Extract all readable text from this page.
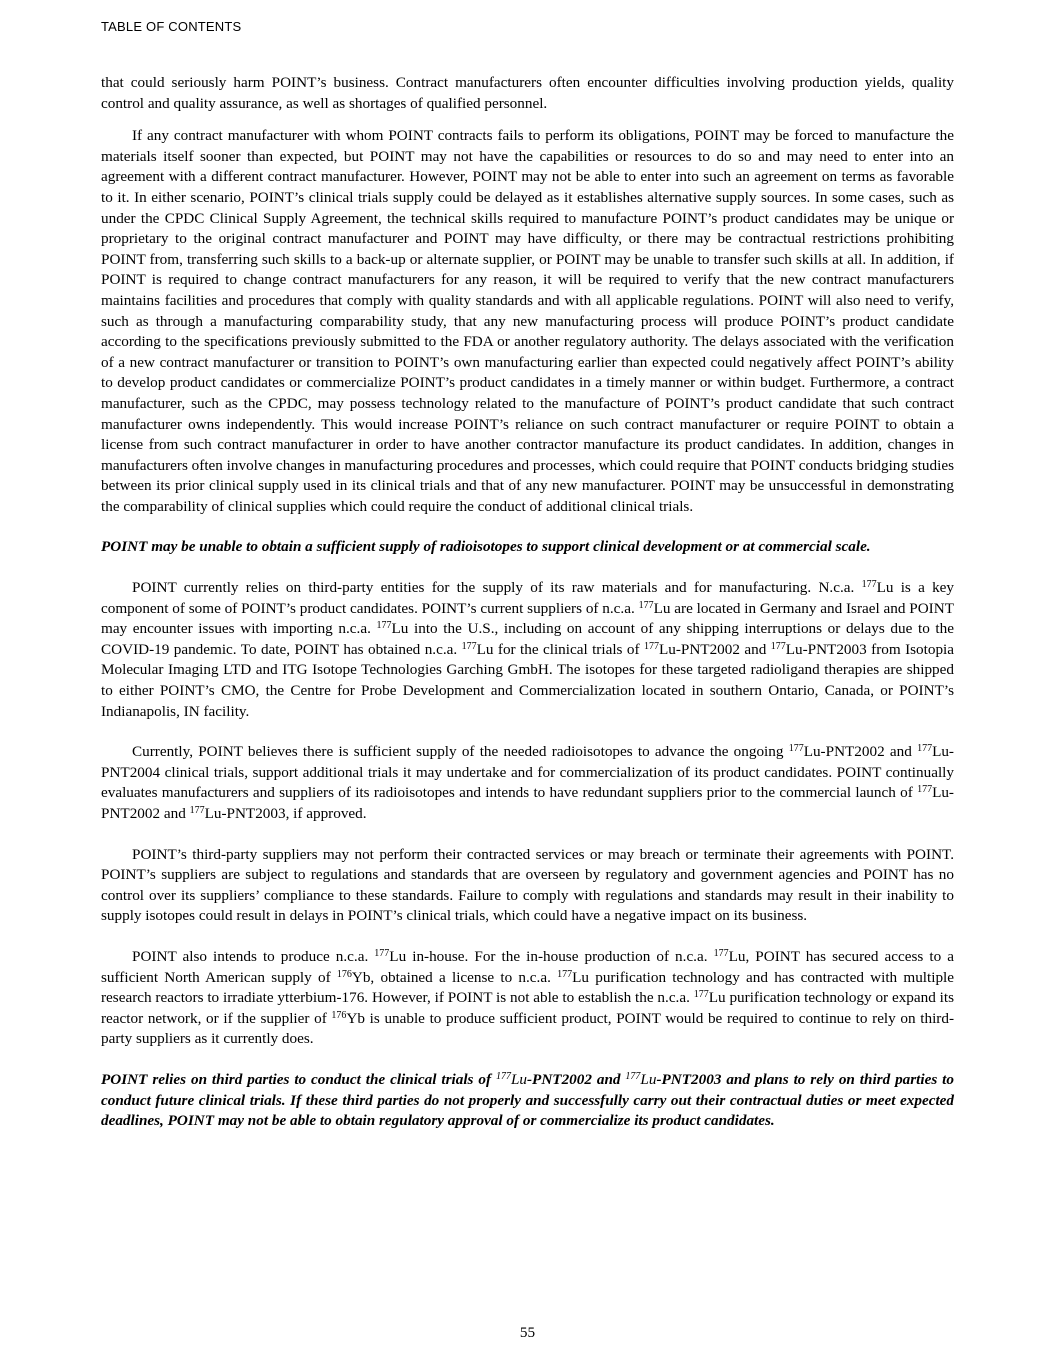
TABLE OF CONTENTS

that could seriously harm POINT’s business. Contract manufacturers often encounter difficulties involving production yields, quality control and quality assurance, as well as shortages of qualified personnel.

If any contract manufacturer with whom POINT contracts fails to perform its obligations, POINT may be forced to manufacture the materials itself sooner than expected, but POINT may not have the capabilities or resources to do so and may need to enter into an agreement with a different contract manufacturer. However, POINT may not be able to enter into such an agreement on terms as favorable to it. In either scenario, POINT’s clinical trials supply could be delayed as it establishes alternative supply sources. In some cases, such as under the CPDC Clinical Supply Agreement, the technical skills required to manufacture POINT’s product candidates may be unique or proprietary to the original contract manufacturer and POINT may have difficulty, or there may be contractual restrictions prohibiting POINT from, transferring such skills to a back-up or alternate supplier, or POINT may be unable to transfer such skills at all. In addition, if POINT is required to change contract manufacturers for any reason, it will be required to verify that the new contract manufacturers maintains facilities and procedures that comply with quality standards and with all applicable regulations. POINT will also need to verify, such as through a manufacturing comparability study, that any new manufacturing process will produce POINT’s product candidate according to the specifications previously submitted to the FDA or another regulatory authority. The delays associated with the verification of a new contract manufacturer or transition to POINT’s own manufacturing earlier than expected could negatively affect POINT’s ability to develop product candidates or commercialize POINT’s product candidates in a timely manner or within budget. Furthermore, a contract manufacturer, such as the CPDC, may possess technology related to the manufacture of POINT’s product candidate that such contract manufacturer owns independently. This would increase POINT’s reliance on such contract manufacturer or require POINT to obtain a license from such contract manufacturer in order to have another contractor manufacture its product candidates. In addition, changes in manufacturers often involve changes in manufacturing procedures and processes, which could require that POINT conducts bridging studies between its prior clinical supply used in its clinical trials and that of any new manufacturer. POINT may be unsuccessful in demonstrating the comparability of clinical supplies which could require the conduct of additional clinical trials.

POINT may be unable to obtain a sufficient supply of radioisotopes to support clinical development or at commercial scale.

POINT currently relies on third-party entities for the supply of its raw materials and for manufacturing. N.c.a. $^{177}$Lu is a key component of some of POINT’s product candidates. POINT’s current suppliers of n.c.a. $^{177}$Lu are located in Germany and Israel and POINT may encounter issues with importing n.c.a. $^{177}$Lu into the U.S., including on account of any shipping interruptions or delays due to the COVID-19 pandemic. To date, POINT has obtained n.c.a. $^{177}$Lu for the clinical trials of $^{177}$Lu-PNT2002 and $^{177}$Lu-PNT2003 from Isotopia Molecular Imaging LTD and ITG Isotope Technologies Garching GmbH. The isotopes for these targeted radioligand therapies are shipped to either POINT’s CMO, the Centre for Probe Development and Commercialization located in southern Ontario, Canada, or POINT’s Indianapolis, IN facility.

Currently, POINT believes there is sufficient supply of the needed radioisotopes to advance the ongoing $^{177}$Lu-PNT2002 and $^{177}$Lu-PNT2004 clinical trials, support additional trials it may undertake and for commercialization of its product candidates. POINT continually evaluates manufacturers and suppliers of its radioisotopes and intends to have redundant suppliers prior to the commercial launch of $^{177}$Lu-PNT2002 and $^{177}$Lu-PNT2003, if approved.

POINT’s third-party suppliers may not perform their contracted services or may breach or terminate their agreements with POINT. POINT’s suppliers are subject to regulations and standards that are overseen by regulatory and government agencies and POINT has no control over its suppliers’ compliance to these standards. Failure to comply with regulations and standards may result in their inability to supply isotopes could result in delays in POINT’s clinical trials, which could have a negative impact on its business.

POINT also intends to produce n.c.a. $^{177}$Lu in-house. For the in-house production of n.c.a. $^{177}$Lu, POINT has secured access to a sufficient North American supply of $^{176}$Yb, obtained a license to n.c.a. $^{177}$Lu purification technology and has contracted with multiple research reactors to irradiate ytterbium-176. However, if POINT is not able to establish the n.c.a. $^{177}$Lu purification technology or expand its reactor network, or if the supplier of $^{176}$Yb is unable to produce sufficient product, POINT would be required to continue to rely on third-party suppliers as it currently does.

POINT relies on third parties to conduct the clinical trials of $^{177}$Lu-PNT2002 and $^{177}$Lu-PNT2003 and plans to rely on third parties to conduct future clinical trials. If these third parties do not properly and successfully carry out their contractual duties or meet expected deadlines, POINT may not be able to obtain regulatory approval of or commercialize its product candidates.

55
